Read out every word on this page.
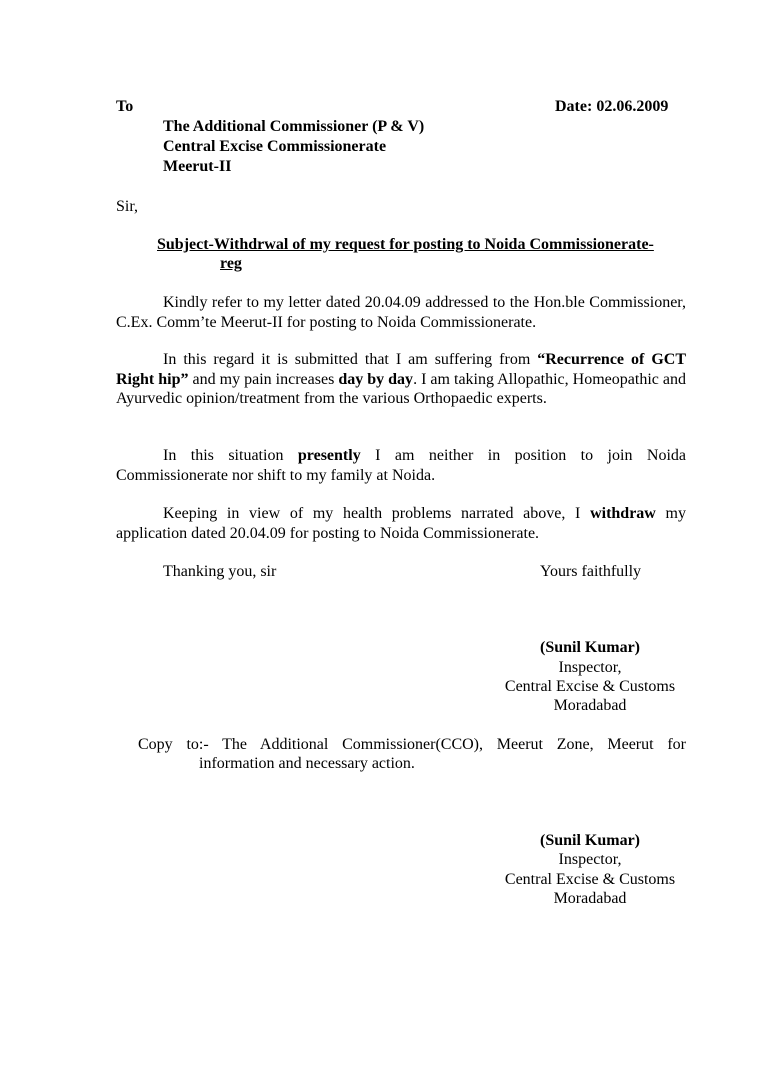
To	Date: 02.06.2009
The Additional Commissioner (P & V)
Central Excise Commissionerate
Meerut-II
Sir,
Subject-Withdrwal of my request for posting to Noida Commissionerate-
reg
Kindly refer to my letter dated 20.04.09 addressed to the Hon.ble Commissioner, C.Ex. Comm’te Meerut-II for posting to Noida Commissionerate.
In this regard it is submitted that I am suffering from “Recurrence of GCT Right hip” and my pain increases day by day. I am taking Allopathic, Homeopathic and Ayurvedic opinion/treatment from the various Orthopaedic experts.
In this situation presently I am neither in position to join Noida Commissionerate nor shift to my family at Noida.
Keeping in view of my health problems narrated above, I withdraw my application dated 20.04.09 for posting to Noida Commissionerate.
Thanking you, sir	Yours faithfully
(Sunil Kumar)
Inspector,
Central Excise & Customs
Moradabad
Copy to:- The Additional Commissioner(CCO), Meerut Zone, Meerut for
information and necessary action.
(Sunil Kumar)
Inspector,
Central Excise & Customs
Moradabad
